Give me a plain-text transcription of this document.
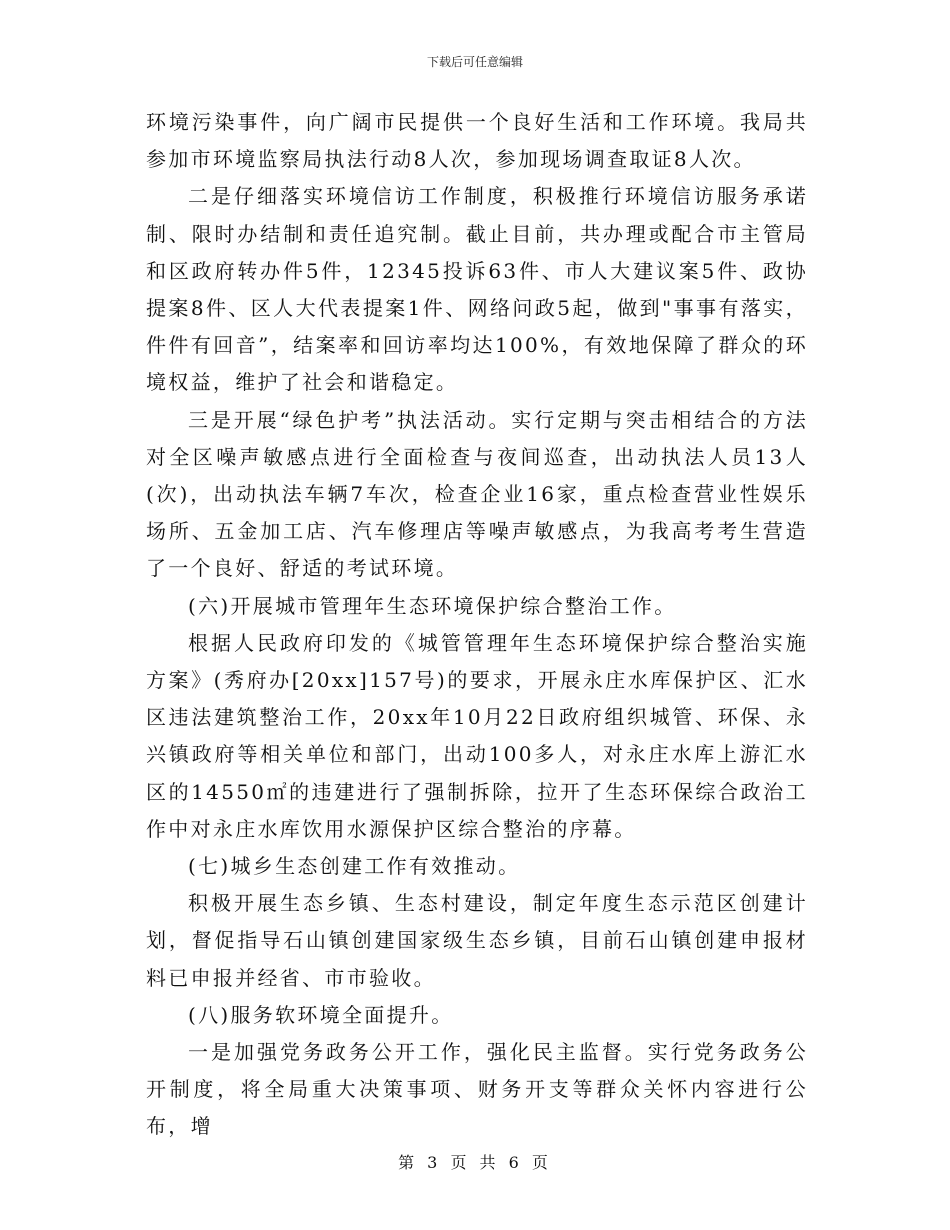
下载后可任意编辑

环境污染事件，向广阔市民提供一个良好生活和工作环境。我局共参加市环境监察局执法行动8人次，参加现场调查取证8人次。

二是仔细落实环境信访工作制度，积极推行环境信访服务承诺制、限时办结制和责任追究制。截止目前，共办理或配合市主管局和区政府转办件5件，12345投诉63件、市人大建议案5件、政协提案8件、区人大代表提案1件、网络问政5起，做到"事事有落实，件件有回音”，结案率和回访率均达100%，有效地保障了群众的环境权益，维护了社会和谐稳定。

三是开展“绿色护考”执法活动。实行定期与突击相结合的方法对全区噪声敏感点进行全面检查与夜间巡查，出动执法人员13人(次)，出动执法车辆7车次，检查企业16家，重点检查营业性娱乐场所、五金加工店、汽车修理店等噪声敏感点，为我高考考生营造了一个良好、舒适的考试环境。

(六)开展城市管理年生态环境保护综合整治工作。

根据人民政府印发的《城管管理年生态环境保护综合整治实施方案》(秀府办[20xx]157号)的要求，开展永庄水库保护区、汇水区违法建筑整治工作，20xx年10月22日政府组织城管、环保、永兴镇政府等相关单位和部门，出动100多人，对永庄水库上游汇水区的14550㎡的违建进行了强制拆除，拉开了生态环保综合政治工作中对永庄水库饮用水源保护区综合整治的序幕。

(七)城乡生态创建工作有效推动。

积极开展生态乡镇、生态村建设，制定年度生态示范区创建计划，督促指导石山镇创建国家级生态乡镇，目前石山镇创建申报材料已申报并经省、市市验收。

(八)服务软环境全面提升。

一是加强党务政务公开工作，强化民主监督。实行党务政务公开制度，将全局重大决策事项、财务开支等群众关怀内容进行公布，增

第 3 页 共 6 页
